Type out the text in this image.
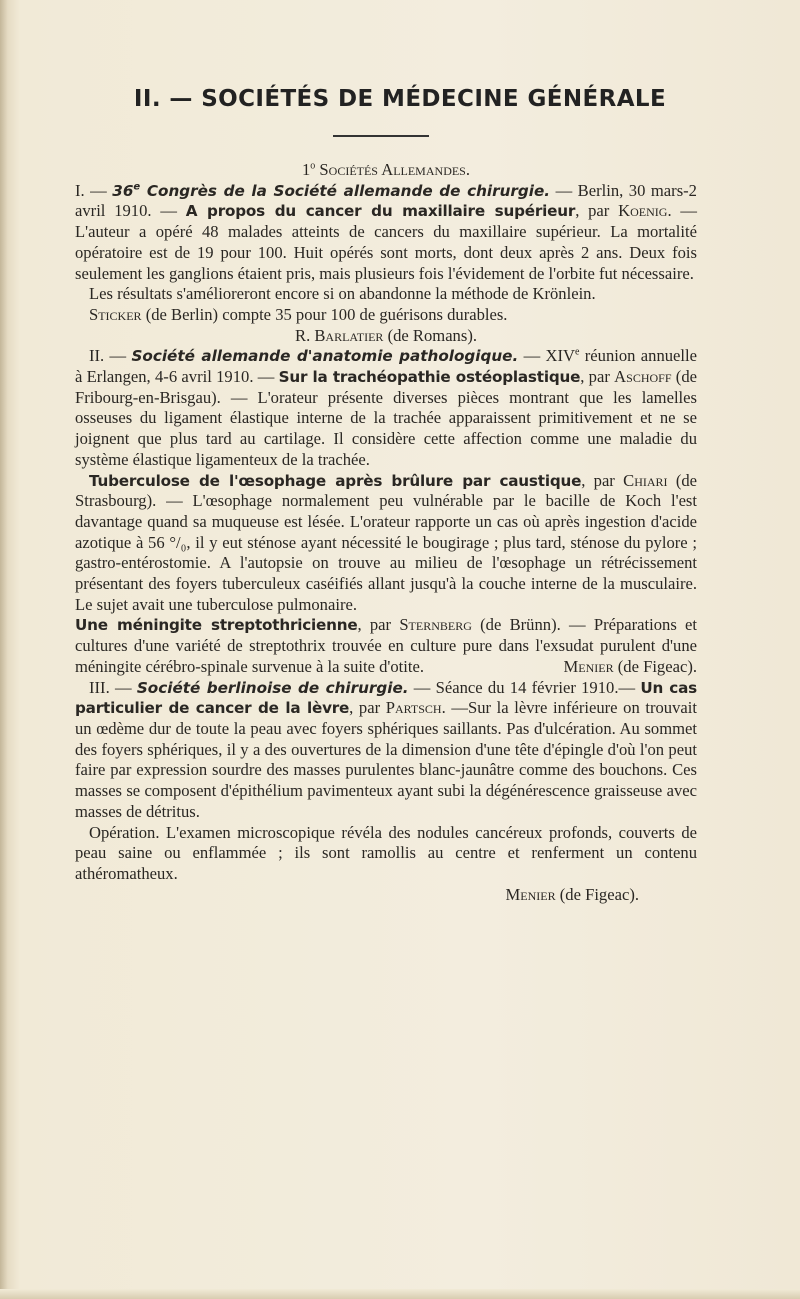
II. — SOCIÉTÉS DE MÉDECINE GÉNÉRALE

1$^o$ Sociétés Allemandes.

I. — 36e Congrès de la Société allemande de chirurgie. — Berlin, 30 mars-2 avril 1910. — A propos du cancer du maxillaire supérieur, par Koenig. — L'auteur a opéré 48 malades atteints de cancers du maxillaire supérieur. La mortalité opératoire est de 19 pour 100. Huit opérés sont morts, dont deux après 2 ans. Deux fois seulement les ganglions étaient pris, mais plusieurs fois l'évidement de l'orbite fut nécessaire.

Les résultats s'amélioreront encore si on abandonne la méthode de Krönlein.

Sticker (de Berlin) compte 35 pour 100 de guérisons durables.

R. Barlatier (de Romans).

II. — Société allemande d'anatomie pathologique. — XIVe réunion annuelle à Erlangen, 4-6 avril 1910. — Sur la trachéopathie ostéoplastique, par Aschoff (de Fribourg-en-Brisgau). — L'orateur présente diverses pièces montrant que les lamelles osseuses du ligament élastique interne de la trachée apparaissent primitivement et ne se joignent que plus tard au cartilage. Il considère cette affection comme une maladie du système élastique ligamenteux de la trachée.

Tuberculose de l'œsophage après brûlure par caustique, par Chiari (de Strasbourg). — L'œsophage normalement peu vulnérable par le bacille de Koch l'est davantage quand sa muqueuse est lésée. L'orateur rapporte un cas où après ingestion d'acide azotique à 56 °/₀, il y eut sténose ayant nécessité le bougirage ; plus tard, sténose du pylore ; gastro-entérostomie. A l'autopsie on trouve au milieu de l'œsophage un rétrécissement présentant des foyers tuberculeux caséifiés allant jusqu'à la couche interne de la musculaire. Le sujet avait une tuberculose pulmonaire.

Une méningite streptothricienne, par Sternberg (de Brünn). — Préparations et cultures d'une variété de streptothrix trouvée en culture pure dans l'exsudat purulent d'une méningite cérébro-spinale survenue à la suite d'otite.	Menier (de Figeac).

III. — Société berlinoise de chirurgie. — Séance du 14 février 1910.— Un cas particulier de cancer de la lèvre, par Partsch. —Sur la lèvre inférieure on trouvait un œdème dur de toute la peau avec foyers sphériques saillants. Pas d'ulcération. Au sommet des foyers sphériques, il y a des ouvertures de la dimension d'une tête d'épingle d'où l'on peut faire par expression sourdre des masses purulentes blanc-jaunâtre comme des bouchons. Ces masses se composent d'épithélium pavimenteux ayant subi la dégénérescence graisseuse avec masses de détritus.

Opération. L'examen microscopique révéla des nodules cancéreux profonds, couverts de peau saine ou enflammée ; ils sont ramollis au centre et renferment un contenu athéromatheux.

Menier (de Figeac).
